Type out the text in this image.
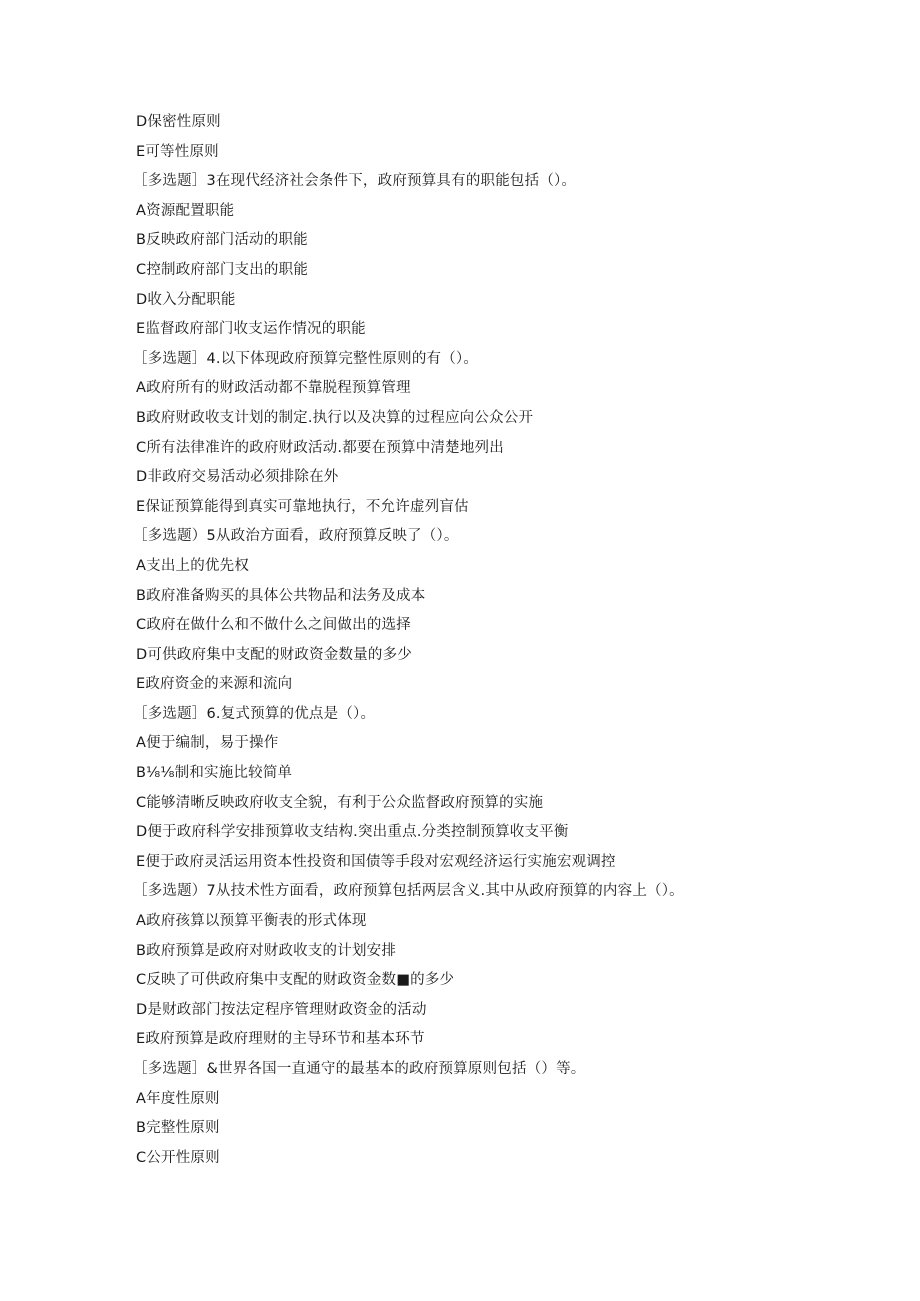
D保密性原则
E可等性原则
［多选题］3在现代经济社会条件下，政府预算具有的职能包括（）。
A资源配置职能
B反映政府部门活动的职能
C控制政府部门支出的职能
D收入分配职能
E监督政府部门收支运作情况的职能
［多选题］4.以下体现政府预算完整性原则的有（）。
A政府所有的财政活动都不靠脱程预算管理
B政府财政收支计划的制定.执行以及决算的过程应向公众公开
C所有法律准许的政府财政活动.都要在预算中清楚地列出
D非政府交易活动必须排除在外
E保证预算能得到真实可靠地执行，不允许虚列盲估
［多选题）5从政治方面看，政府预算反映了（）。
A支出上的优先权
B政府准备购买的具体公共物品和法务及成本
C政府在做什么和不做什么之间做出的选择
D可供政府集中支配的财政资金数量的多少
E政府资金的来源和流向
［多选题］6.复式预算的优点是（）。
A便于编制，易于操作
B⅛⅛制和实施比较简单
C能够清晰反映政府收支全貌，有利于公众监督政府预算的实施
D便于政府科学安排预算收支结构.突出重点.分类控制预算收支平衡
E便于政府灵活运用资本性投资和国债等手段对宏观经济运行实施宏观调控
［多选题）7从技术性方面看，政府预算包括两层含义.其中从政府预算的内容上（）。
A政府孩算以预算平衡表的形式体现
B政府预算是政府对财政收支的计划安排
C反映了可供政府集中支配的财政资金数■的多少
D是财政部门按法定程序管理财政资金的活动
E政府预算是政府理财的主导环节和基本环节
［多选题］&世界各国一直通守的最基本的政府预算原则包括（）等。
A年度性原则
B完整性原则
C公开性原则
